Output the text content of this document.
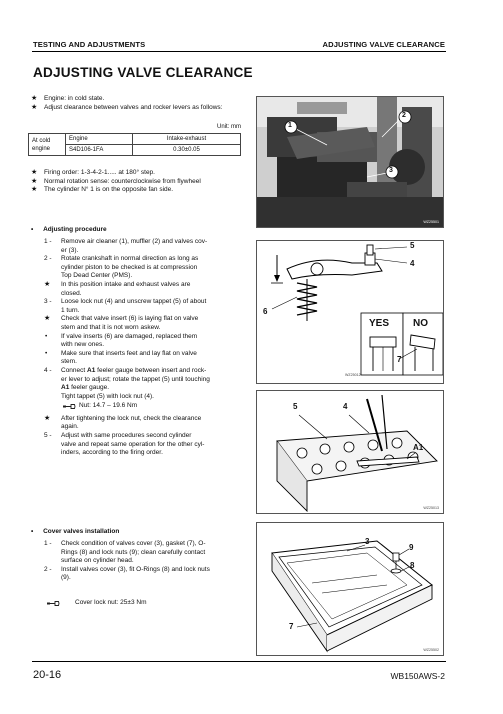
TESTING AND ADJUSTMENTS	ADJUSTING VALVE CLEARANCE
ADJUSTING VALVE CLEARANCE
★ Engine: in cold state.
★ Adjust clearance between valves and rocker levers as follows:
Unit: mm
At cold
engine	Engine	Intake-exhaust
	S4D106-1FA	0.30±0.05
★ Firing order: 1-3-4-2-1..... at 180° step.
★ Normal rotation sense: counterclockwise from flywheel
★ The cylinder N° 1 is on the opposite fan side.
• Adjusting procedure
1 - Remove air cleaner (1), muffler (2) and valves cov-
er (3).
2 - Rotate crankshaft in normal direction as long as
cylinder piston to be checked is at compression
Top Dead Center (PMS).
★ In this position intake and exhaust valves are
closed.
3 - Loose lock nut (4) and unscrew tappet (5) of about
1 turn.
★ Check that valve insert (6) is laying flat on valve
stem and that it is not worn askew.
• If valve inserts (6) are damaged, replaced them
with new ones.
• Make sure that inserts feet and lay flat on valve
stem.
4 - Connect A1 feeler gauge between insert and rock-
er lever to adjust; rotate the tappet (5) until touching
A1 feeler gauge.
Tight tappet (5) with lock nut (4).
Nut: 14.7 – 19.6 Nm
★ After tightening the lock nut, check the clearance
again.
5 - Adjust with same procedures second cylinder
valve and repeat same operation for the other cyl-
inders, according to the firing order.
• Cover valves installation
1 - Check condition of valves cover (3), gasket (7), O-
Rings (8) and lock nuts (9); clean carefully contact
surface on cylinder head.
2 - Install valves cover (3), fit O-Rings (8) and lock nuts
(9).
Cover lock nut: 25±3 Nm
1
2
3
WZ25501
5
4
6
7
YES NO
WZ25012
5	4
A1
WZ25013
3
9
8
7
WZ25502
20-16	WB150AWS-2
